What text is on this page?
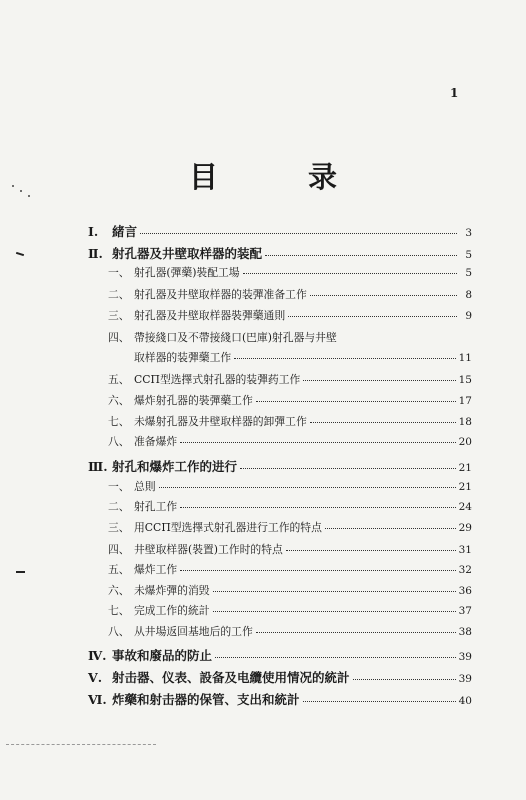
1
目 录
Ⅰ.	緒言	3
Ⅱ. 射孔器及井壁取样器的装配	5
一、 射孔器(彈藥)裝配工場	5
二、 射孔器及井壁取样器的装彈准备工作	8
三、 射孔器及井壁取样器裝彈藥通則	9
四、 帶接綫口及不帶接綫口(巴庫)射孔器与井壁
取样器的装彈藥工作	11
五、 CCП型选擇式射孔器的装彈药工作	15
六、 爆炸射孔器的裝彈藥工作	17
七、 未爆射孔器及井壁取样器的卸彈工作	18
八、 准备爆炸	20
Ⅲ. 射孔和爆炸工作的进行	21
一、 总則	21
二、 射孔工作	24
三、 用CCП型选擇式射孔器进行工作的特点	29
四、 井壁取样器(裝置)工作时的特点	31
五、 爆炸工作	32
六、 未爆炸彈的消毁	36
七、 完成工作的統計	37
八、 从井場返回基地后的工作	38
Ⅳ. 事故和廢品的防止	39
Ⅴ. 射击器、仪表、設备及电纜使用情况的統計	39
Ⅵ. 炸藥和射击器的保管、支出和統計	40
